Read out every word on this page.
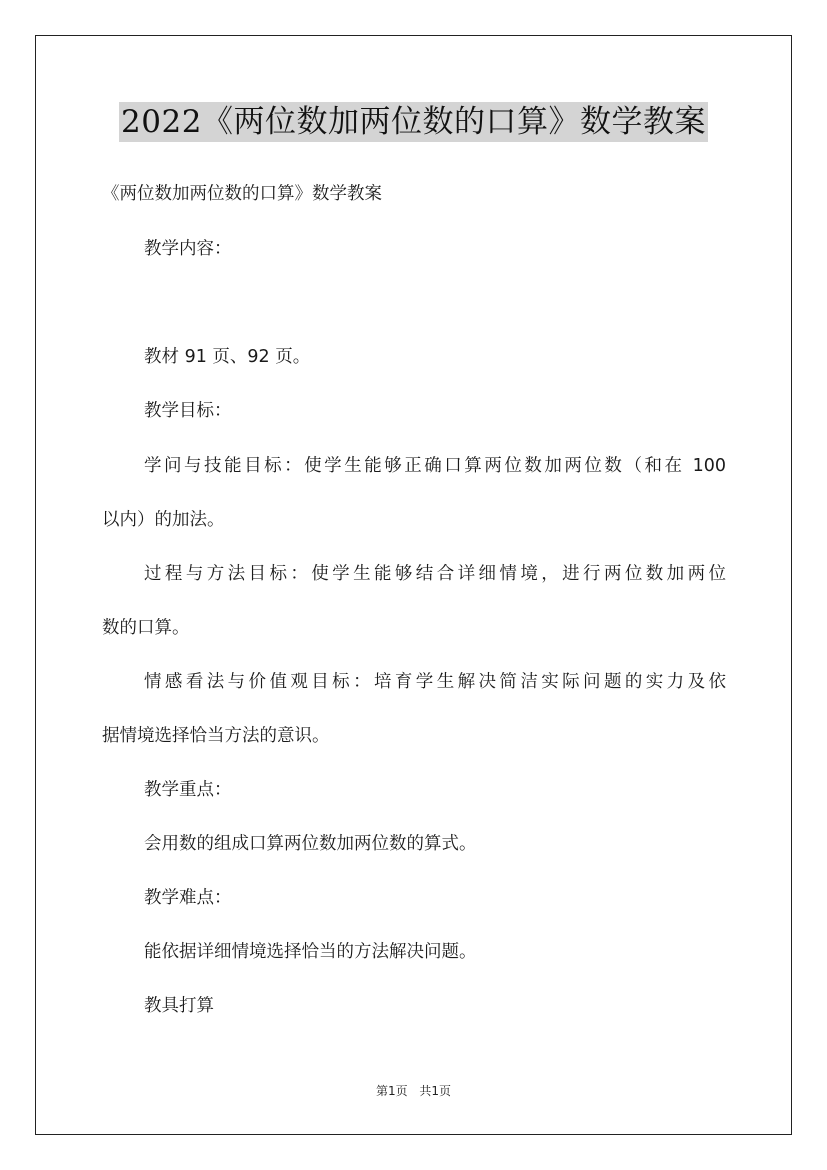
2022《两位数加两位数的口算》数学教案
《两位数加两位数的口算》数学教案
教学内容：
教材 91 页、92 页。
教学目标：
学问与技能目标：使学生能够正确口算两位数加两位数（和在 100
以内）的加法。
过程与方法目标：使学生能够结合详细情境，进行两位数加两位
数的口算。
情感看法与价值观目标：培育学生解决简洁实际问题的实力及依
据情境选择恰当方法的意识。
教学重点：
会用数的组成口算两位数加两位数的算式。
教学难点：
能依据详细情境选择恰当的方法解决问题。
教具打算
第1页 共1页
